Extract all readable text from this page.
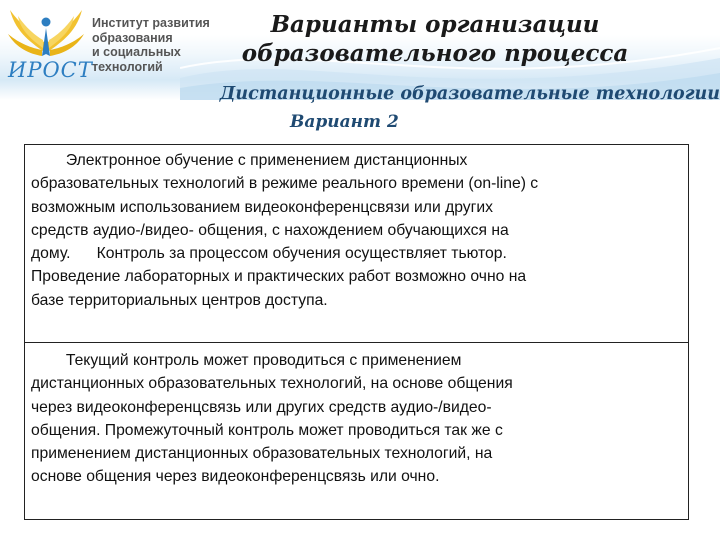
ИРОСТ
Институт развития
образования
и социальных
технологий
Варианты организации
образовательного процесса
Дистанционные образовательные технологии
Вариант 2
Электронное обучение с применением дистанционных
образовательных технологий в режиме реального времени (on-line) с
возможным использованием видеоконференцсвязи или других
средств аудио-/видео- общения, с нахождением обучающихся на
дому.      Контроль за процессом обучения осуществляет тьютор.
Проведение лабораторных и практических работ возможно очно на
базе территориальных центров доступа.
Текущий контроль может проводиться с применением
дистанционных образовательных технологий, на основе общения
через видеоконференцсвязь или других средств аудио-/видео-
общения. Промежуточный контроль может проводиться так же с
применением дистанционных образовательных технологий, на
основе общения через видеоконференцсвязь или очно.
